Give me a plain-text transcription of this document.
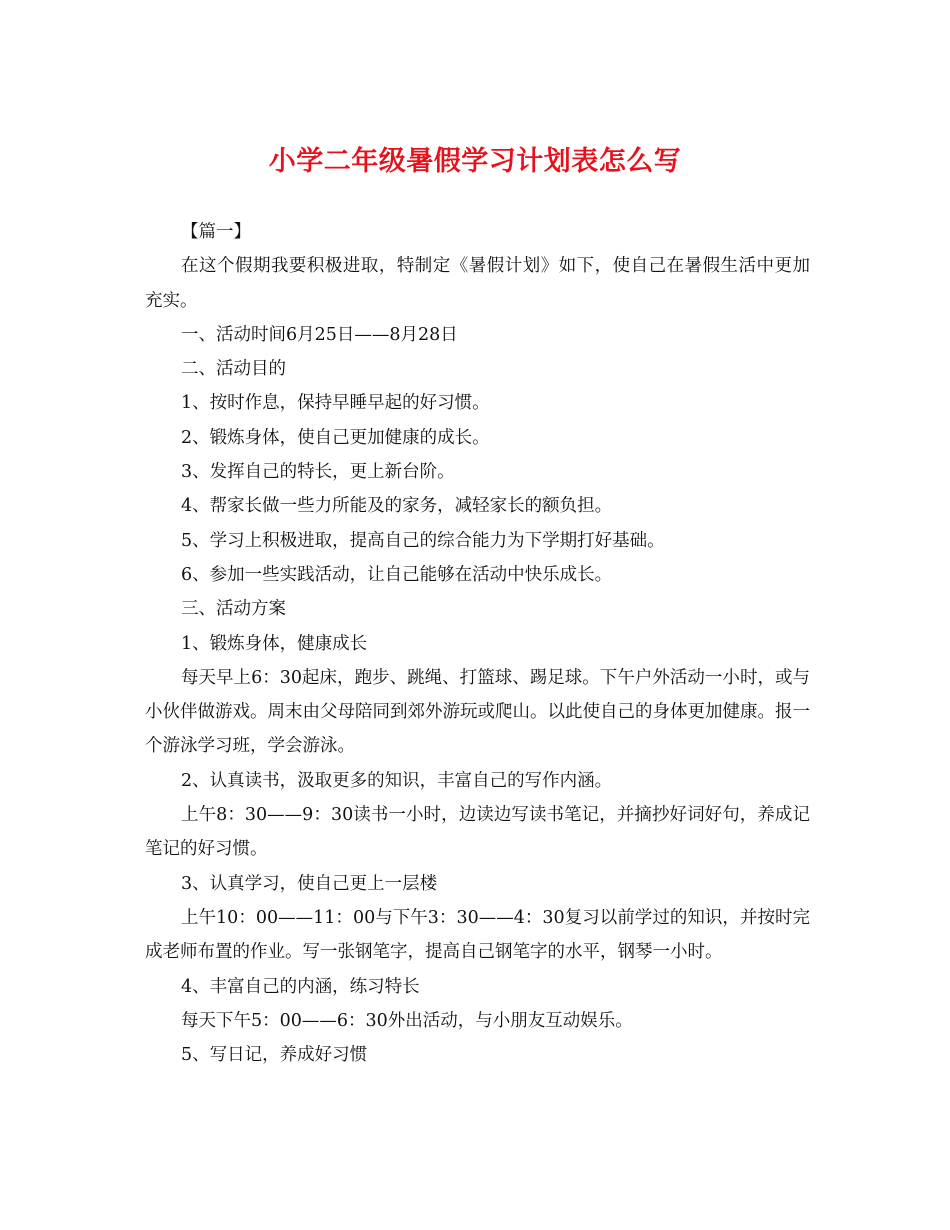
小学二年级暑假学习计划表怎么写

【篇一】

在这个假期我要积极进取，特制定《暑假计划》如下，使自己在暑假生活中更加充实。

一、活动时间6月25日——8月28日

二、活动目的

1、按时作息，保持早睡早起的好习惯。

2、锻炼身体，使自己更加健康的成长。

3、发挥自己的特长，更上新台阶。

4、帮家长做一些力所能及的家务，减轻家长的额负担。

5、学习上积极进取，提高自己的综合能力为下学期打好基础。

6、参加一些实践活动，让自己能够在活动中快乐成长。

三、活动方案

1、锻炼身体，健康成长

每天早上6：30起床，跑步、跳绳、打篮球、踢足球。下午户外活动一小时，或与小伙伴做游戏。周末由父母陪同到郊外游玩或爬山。以此使自己的身体更加健康。报一个游泳学习班，学会游泳。

2、认真读书，汲取更多的知识，丰富自己的写作内涵。

上午8：30——9：30读书一小时，边读边写读书笔记，并摘抄好词好句，养成记笔记的好习惯。

3、认真学习，使自己更上一层楼

上午10：00——11：00与下午3：30——4：30复习以前学过的知识，并按时完成老师布置的作业。写一张钢笔字，提高自己钢笔字的水平，钢琴一小时。

4、丰富自己的内涵，练习特长

每天下午5：00——6：30外出活动，与小朋友互动娱乐。

5、写日记，养成好习惯
